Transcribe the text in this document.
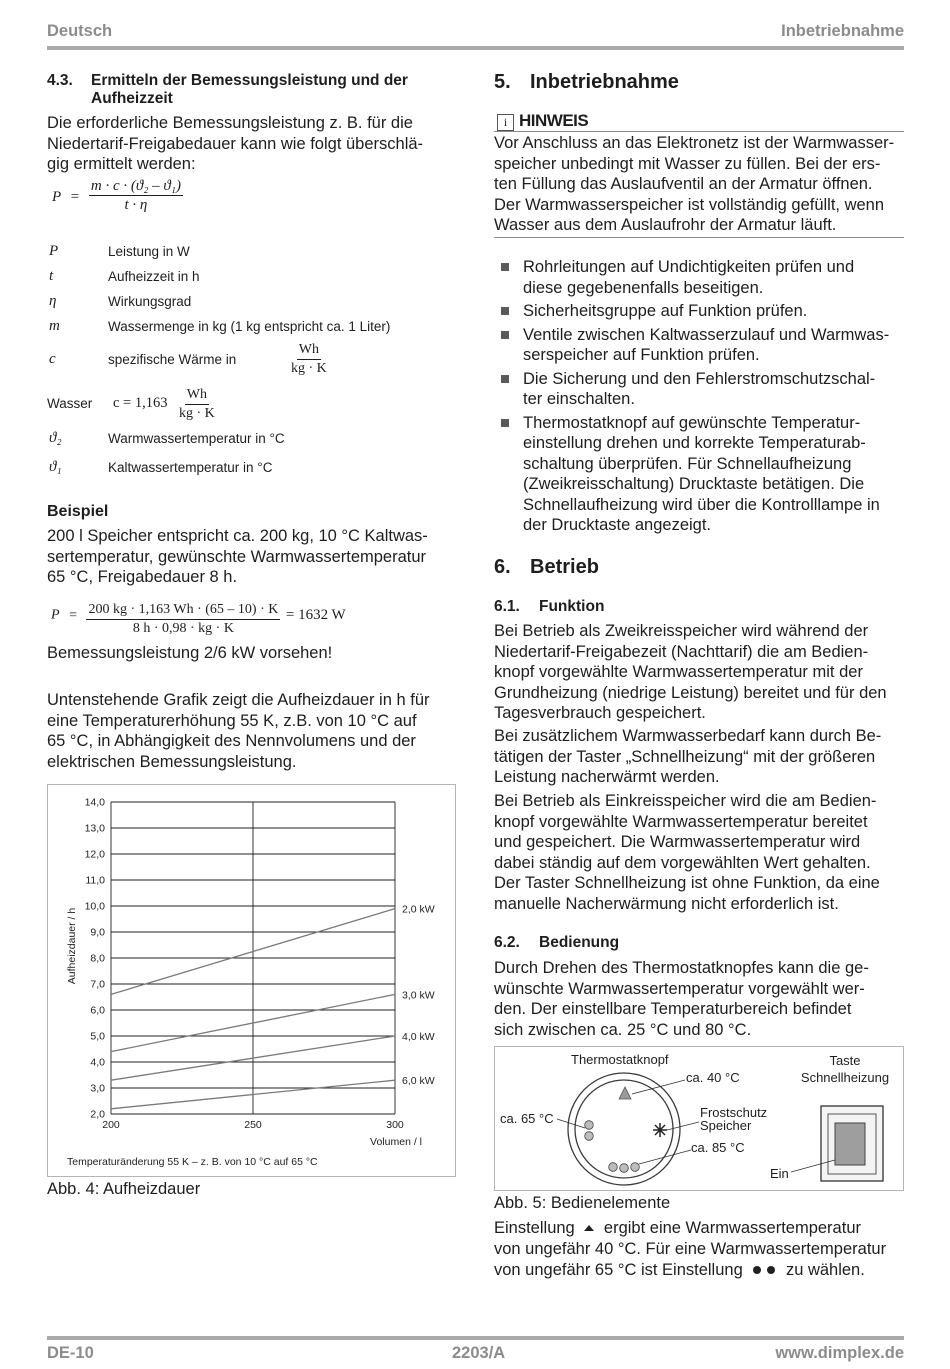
Deutsch	Inbetriebnahme
4.3. Ermitteln der Bemessungsleistung und der
Aufheizzeit
Die erforderliche Bemessungsleistung z. B. für die
Niedertarif-Freigabedauer kann wie folgt überschlä-
gig ermittelt werden:
$P = \frac{\text{m · c · (ϑ₂ – ϑ₁)}}{t \cdot \eta}$
P	Leistung in W
t	Aufheizzeit in h
η	Wirkungsgrad
m	Wassermenge in kg (1 kg entspricht ca. 1 Liter)
c	spezifische Wärme in	$\frac{Wh}{kg \cdot K}$
Wasser $c = 1,163 \frac{Wh}{kg \cdot K}$
ϑ₂	Warmwassertemperatur in °C
ϑ₁	Kaltwassertemperatur in °C
Beispiel
200 l Speicher entspricht ca. 200 kg, 10 °C Kaltwas-
sertemperatur, gewünschte Warmwassertemperatur
65 °C, Freigabedauer 8 h.
$P = \frac{200 kg \cdot 1,163 Wh \cdot (65 - 10) \cdot K}{8 h \cdot 0,98 \cdot kg \cdot K} = 1632$ W
Bemessungsleistung 2/6 kW vorsehen!
Untenstehende Grafik zeigt die Aufheizdauer in h für
eine Temperaturerhöhung 55 K, z.B. von 10 °C auf
65 °C, in Abhängigkeit des Nennvolumens und der
elektrischen Bemessungsleistung.
2,0
3,0
4,0
5,0
6,0
7,0
8,0
9,0
10,0
11,0
12,0
13,0
14,0
200	250	300
2,0 kW
3,0 kW
4,0 kW
6,0 kW
Volumen / l
Aufheizdauer / h
Temperaturänderung 55 K – z. B. von 10 °C auf 65 °C
Abb. 4: Aufheizdauer
5. Inbetriebnahme
i HINWEIS
Vor Anschluss an das Elektronetz ist der Warmwasser-
speicher unbedingt mit Wasser zu füllen. Bei der ers-
ten Füllung das Auslaufventil an der Armatur öffnen.
Der Warmwasserspeicher ist vollständig gefüllt, wenn
Wasser aus dem Auslaufrohr der Armatur läuft.
Rohrleitungen auf Undichtigkeiten prüfen und
diese gegebenenfalls beseitigen.
Sicherheitsgruppe auf Funktion prüfen.
Ventile zwischen Kaltwasserzulauf und Warmwas-
serspeicher auf Funktion prüfen.
Die Sicherung und den Fehlerstromschutzschal-
ter einschalten.
Thermostatknopf auf gewünschte Temperatur-
einstellung drehen und korrekte Temperaturab-
schaltung überprüfen. Für Schnellaufheizung
(Zweikreisschaltung) Drucktaste betätigen. Die
Schnellaufheizung wird über die Kontrolllampe in
der Drucktaste angezeigt.
6. Betrieb
6.1. Funktion
Bei Betrieb als Zweikreisspeicher wird während der
Niedertarif-Freigabezeit (Nachttarif) die am Bedien-
knopf vorgewählte Warmwassertemperatur mit der
Grundheizung (niedrige Leistung) bereitet und für den
Tagesverbrauch gespeichert.
Bei zusätzlichem Warmwasserbedarf kann durch Be-
tätigen der Taster „Schnellheizung“ mit der größeren
Leistung nacherwärmt werden.
Bei Betrieb als Einkreisspeicher wird die am Bedien-
knopf vorgewählte Warmwassertemperatur bereitet
und gespeichert. Die Warmwassertemperatur wird
dabei ständig auf dem vorgewählten Wert gehalten.
Der Taster Schnellheizung ist ohne Funktion, da eine
manuelle Nacherwärmung nicht erforderlich ist.
6.2. Bedienung
Durch Drehen des Thermostatknopfes kann die ge-
wünschte Warmwassertemperatur vorgewählt wer-
den. Der einstellbare Temperaturbereich befindet
sich zwischen ca. 25 °C und 80 °C.
Thermostatknopf	Taste
Schnellheizung
ca. 40 °C
ca. 65 °C	Frostschutz
Speicher
ca. 85 °C
Ein
Abb. 5: Bedienelemente
Einstellung ergibt eine Warmwassertemperatur
von ungefähr 40 °C. Für eine Warmwassertemperatur
von ungefähr 65 °C ist Einstellung	zu wählen.
DE-10	2203/A	www.dimplex.de
